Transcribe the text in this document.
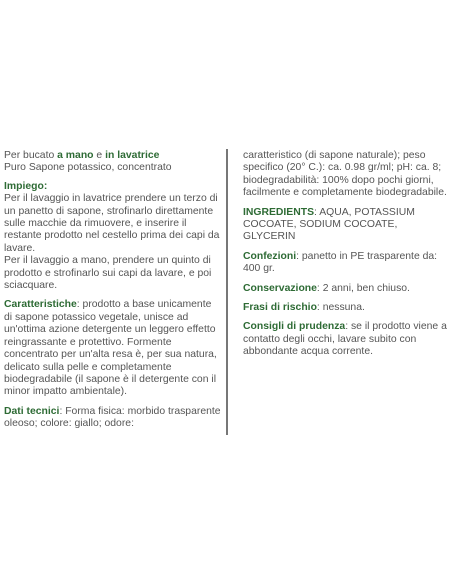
Per bucato a mano e in lavatrice

Puro Sapone potassico, concentrato

Impiego:

Per il lavaggio in lavatrice prendere un terzo di un panetto di sapone, strofinarlo direttamente sulle macchie da rimuovere, e inserire il restante prodotto nel cestello prima dei capi da lavare.

Per il lavaggio a mano, prendere un quinto di prodotto e strofinarlo sui capi da lavare, e poi sciacquare.

Caratteristiche: prodotto a base unicamente di sapone potassico vegetale, unisce ad un'ottima azione detergente un leggero effetto reingrassante e protettivo. Formente concentrato per un'alta resa è, per sua natura, delicato sulla pelle e completamente biodegradabile (il sapone è il detergente con il minor impatto ambientale).

Dati tecnici: Forma fisica: morbido trasparente oleoso; colore: giallo; odore:

caratteristico (di sapone naturale); peso specifico (20° C.): ca. 0.98 gr/ml; pH: ca. 8; biodegradabilità: 100% dopo pochi giorni, facilmente e completamente biodegradabile.

INGREDIENTS: AQUA, POTASSIUM COCOATE, SODIUM COCOATE, GLYCERIN

Confezioni: panetto in PE trasparente da: 400 gr.

Conservazione: 2 anni, ben chiuso.

Frasi di rischio: nessuna.

Consigli di prudenza: se il prodotto viene a contatto degli occhi, lavare subito con abbondante acqua corrente.
